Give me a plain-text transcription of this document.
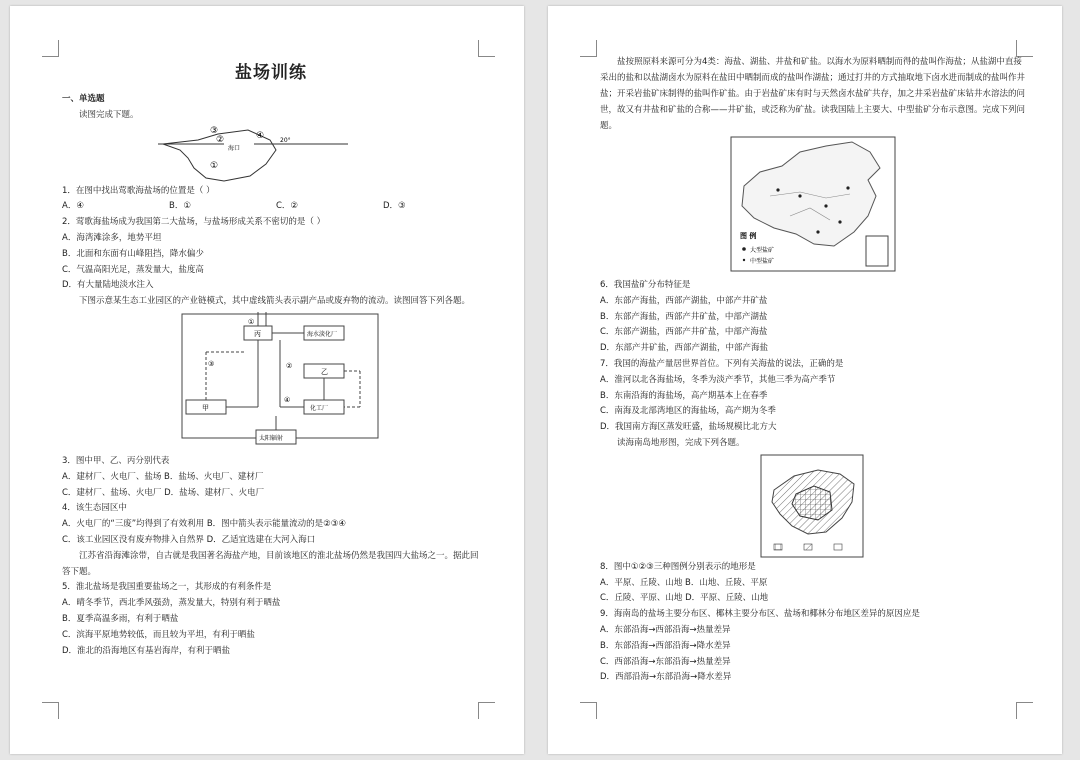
盐场训练
一、单选题
读图完成下题。
海口
20°
①
②
③	④
1．在图中找出莺歌海盐场的位置是（ ）
A．④	B．①	C．②	D．③
2．莺歌海盐场成为我国第二大盐场，与盐场形成关系不密切的是（ ）
A．海湾滩涂多，地势平坦
B．北面和东面有山峰阻挡，降水偏少
C．气温高阳光足，蒸发量大，盐度高
D．有大量陆地淡水注入
下图示意某生态工业园区的产业链模式，其中虚线箭头表示副产品或废弃物的流动。读图回答下列各题。
丙	海水淡化厂
乙
甲	化工厂
太阳辐射
①
②
③
④
3．图中甲、乙、丙分别代表
A．建材厂、火电厂、盐场 B．盐场、火电厂、建材厂
C．建材厂、盐场、火电厂 D．盐场、建材厂、火电厂
4．该生态园区中
A．火电厂的“三废”均得到了有效利用 B．图中箭头表示能量流动的是②③④
C．该工业园区没有废弃物排入自然界 D．乙适宜选建在大河入海口
江苏省沿海滩涂带，自古就是我国著名海盐产地，目前该地区的淮北盐场仍然是我国四大盐场之一。据此回答下题。
5．淮北盐场是我国重要盐场之一，其形成的有利条件是
A．晴冬季节，西北季风强劲，蒸发量大，特别有利于晒盐
B．夏季高温多雨，有利于晒盐
C．滨海平原地势较低，而且较为平坦，有利于晒盐
D．淮北的沿海地区有基岩海岸，有利于晒盐
盐按照原料来源可分为4类：海盐、湖盐、井盐和矿盐。以海水为原料晒制而得的盐叫作海盐；从盐湖中直接采出的盐和以盐湖卤水为原料在盐田中晒制而成的盐叫作湖盐；通过打井的方式抽取地下卤水进而制成的盐叫作井盐；开采岩盐矿床制得的盐叫作矿盐。由于岩盐矿床有时与天然卤水盐矿共存，加之井采岩盐矿床钻井水溶法的问世，故又有井盐和矿盐的合称——井矿盐，或泛称为矿盐。读我国陆上主要大、中型盐矿分布示意图。完成下列问题。
图 例
大型盐矿
中型盐矿
6．我国盐矿分布特征是
A．东部产海盐，西部产湖盐，中部产井矿盐
B．东部产海盐，西部产井矿盐，中部产湖盐
C．东部产湖盐，西部产井矿盐，中部产海盐
D．东部产井矿盐，西部产湖盐，中部产海盐
7．我国的海盐产量居世界首位。下列有关海盐的说法，正确的是
A．淮河以北各海盐场，冬季为淡产季节，其他三季为高产季节
B．东南沿海的海盐场，高产期基本上在春季
C．南海及北部湾地区的海盐场，高产期为冬季
D．我国南方海区蒸发旺盛，盐场规模比北方大
读海南岛地形图，完成下列各题。
8．图中①②③三种图例分别表示的地形是
A．平原、丘陵、山地 B．山地、丘陵、平原
C．丘陵、平原、山地 D．平原、丘陵、山地
9．海南岛的盐场主要分布区、椰林主要分布区、盐场和椰林分布地区差异的原因应是
A．东部沿海→西部沿海→热量差异
B．东部沿海→西部沿海→降水差异
C．西部沿海→东部沿海→热量差异
D．西部沿海→东部沿海→降水差异
